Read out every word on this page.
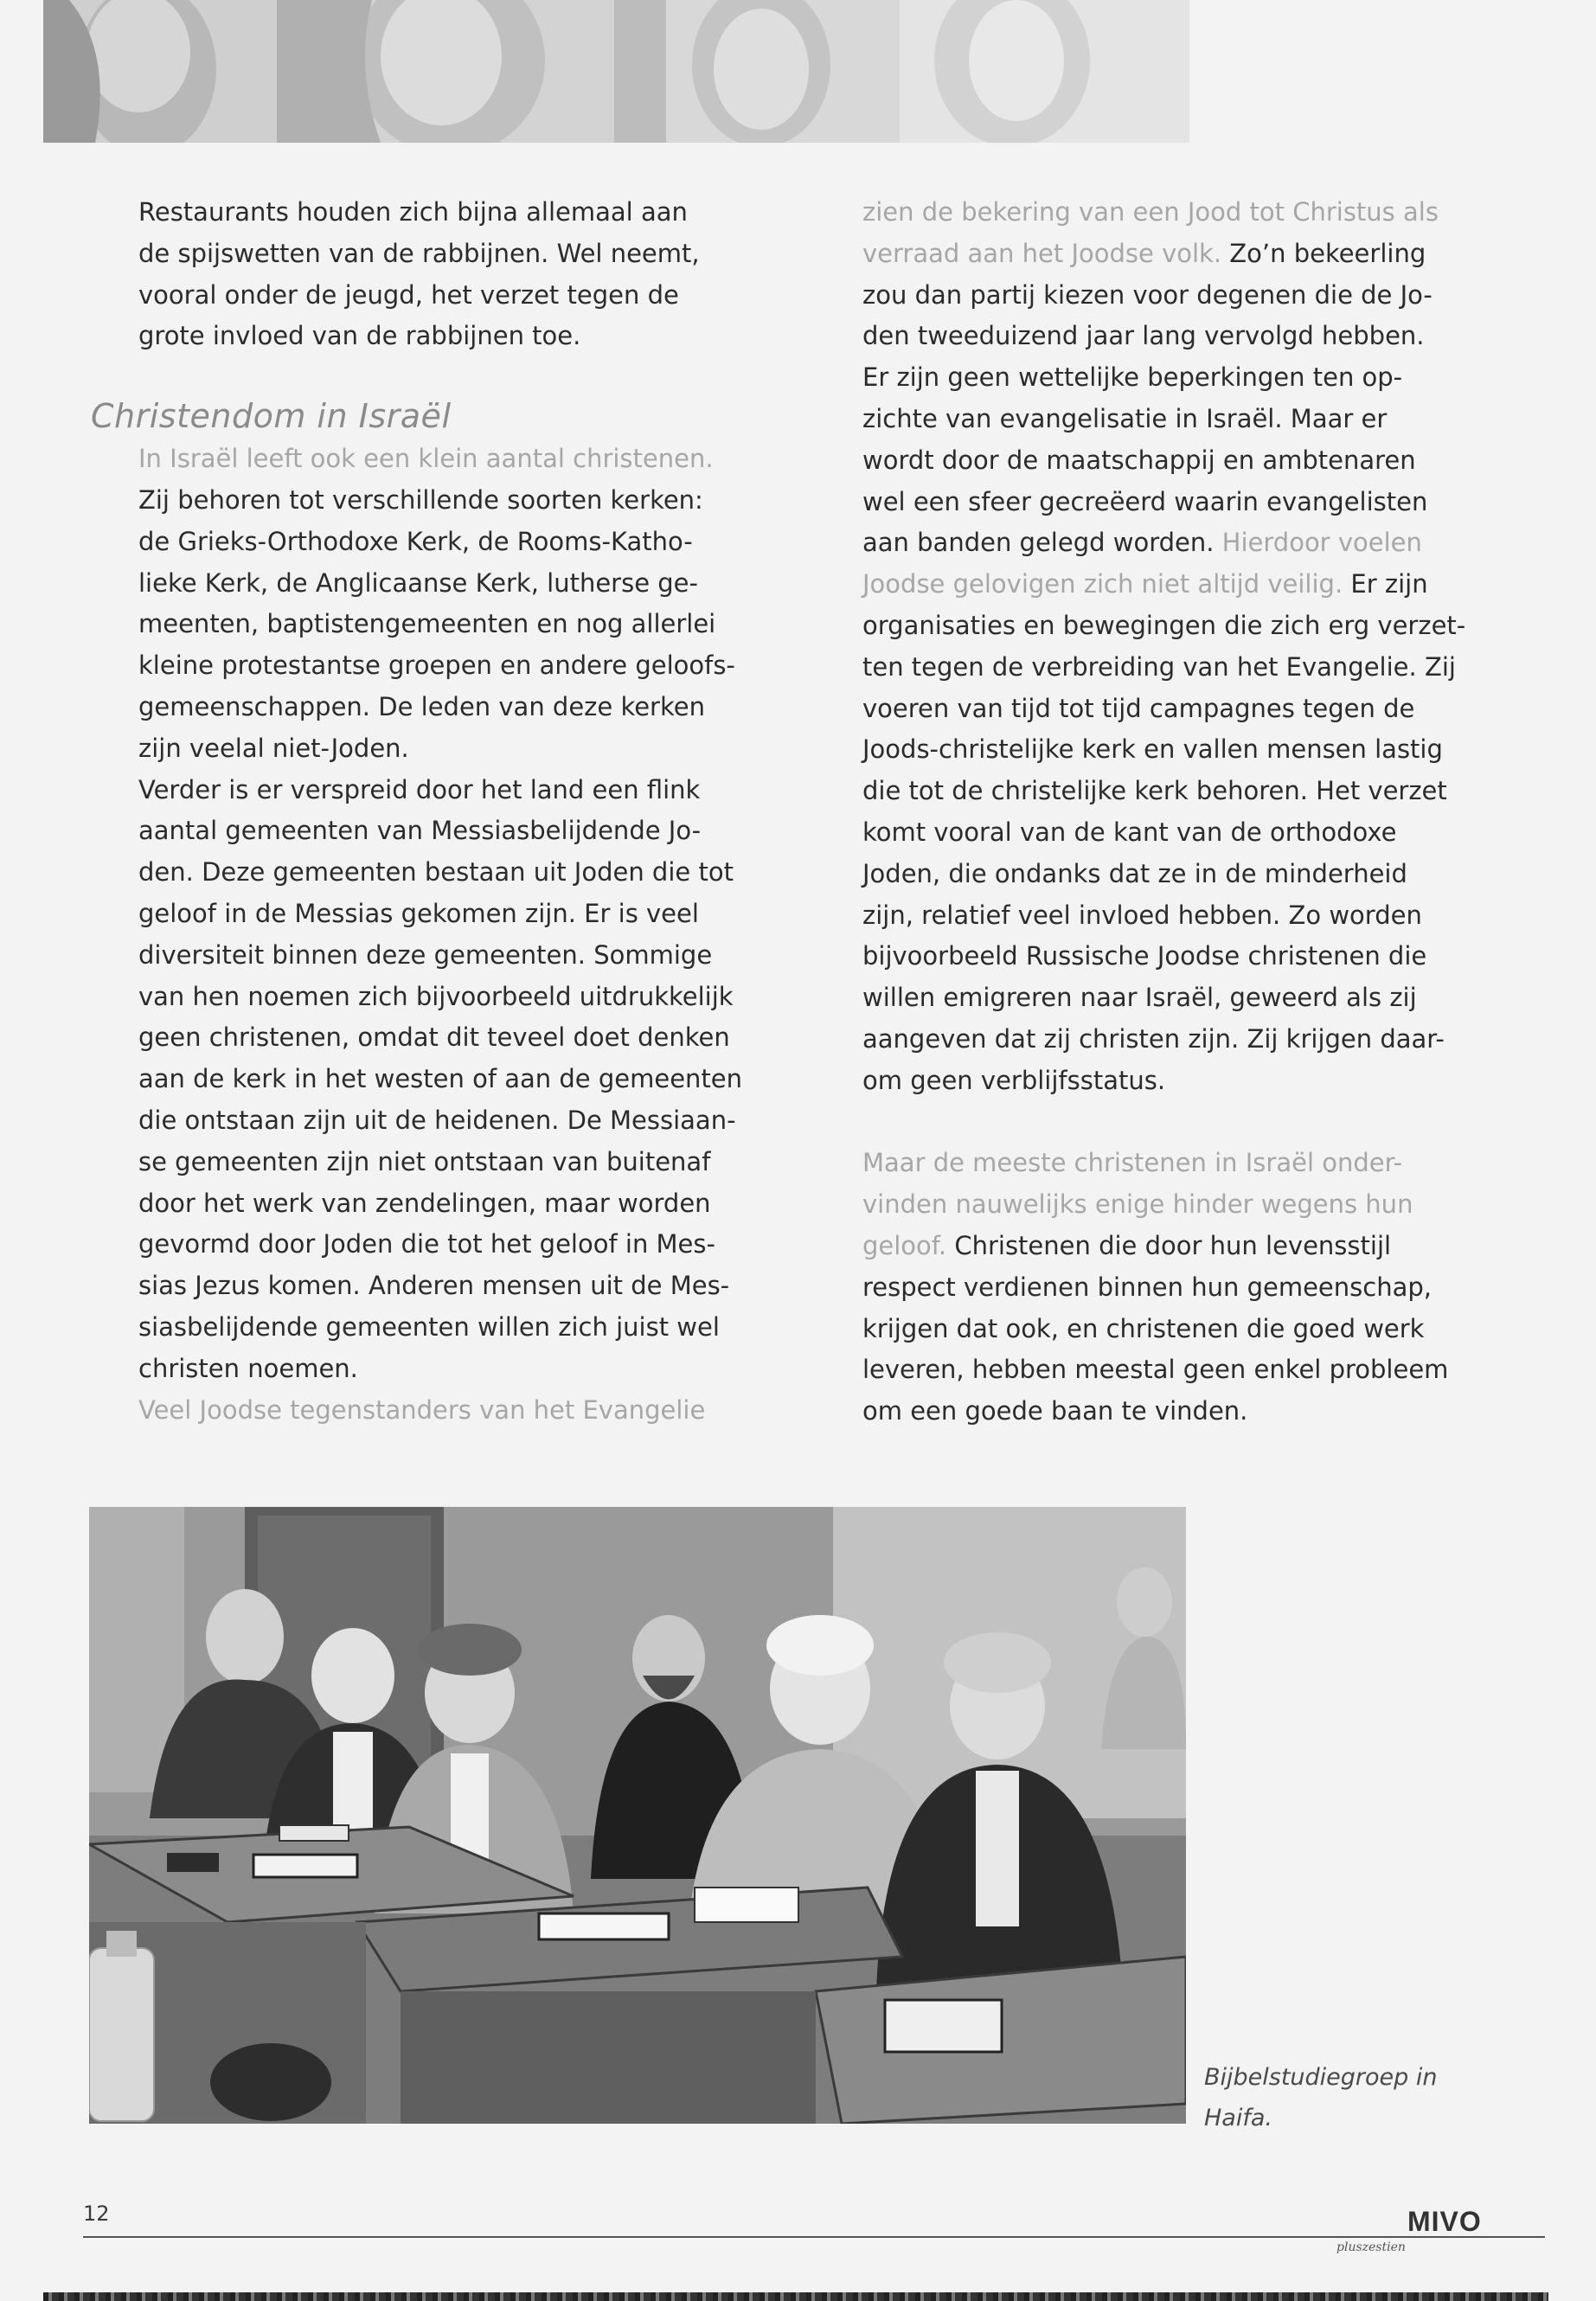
Restaurants houden zich bijna allemaal aan

de spijswetten van de rabbijnen. Wel neemt,

vooral onder de jeugd, het verzet tegen de

grote invloed van de rabbijnen toe.

Christendom in Israël

In Israël leeft ook een klein aantal christenen.

Zij behoren tot verschillende soorten kerken:

de Grieks-Orthodoxe Kerk, de Rooms-Katho-

lieke Kerk, de Anglicaanse Kerk, lutherse ge-

meenten, baptistengemeenten en nog allerlei

kleine protestantse groepen en andere geloofs-

gemeenschappen. De leden van deze kerken

zijn veelal niet-Joden.

Verder is er verspreid door het land een flink

aantal gemeenten van Messiasbelijdende Jo-

den. Deze gemeenten bestaan uit Joden die tot

geloof in de Messias gekomen zijn. Er is veel

diversiteit binnen deze gemeenten. Sommige

van hen noemen zich bijvoorbeeld uitdrukkelijk

geen christenen, omdat dit teveel doet denken

aan de kerk in het westen of aan de gemeenten

die ontstaan zijn uit de heidenen. De Messiaan-

se gemeenten zijn niet ontstaan van buitenaf

door het werk van zendelingen, maar worden

gevormd door Joden die tot het geloof in Mes-

sias Jezus komen. Anderen mensen uit de Mes-

siasbelijdende gemeenten willen zich juist wel

christen noemen.

Veel Joodse tegenstanders van het Evangelie

zien de bekering van een Jood tot Christus als

verraad aan het Joodse volk. Zo’n bekeerling

zou dan partij kiezen voor degenen die de Jo-

den tweeduizend jaar lang vervolgd hebben.

Er zijn geen wettelijke beperkingen ten op-

zichte van evangelisatie in Israël. Maar er

wordt door de maatschappij en ambtenaren

wel een sfeer gecreëerd waarin evangelisten

aan banden gelegd worden. Hierdoor voelen

Joodse gelovigen zich niet altijd veilig. Er zijn

organisaties en bewegingen die zich erg verzet-

ten tegen de verbreiding van het Evangelie. Zij

voeren van tijd tot tijd campagnes tegen de

Joods-christelijke kerk en vallen mensen lastig

die tot de christelijke kerk behoren. Het verzet

komt vooral van de kant van de orthodoxe

Joden, die ondanks dat ze in de minderheid

zijn, relatief veel invloed hebben. Zo worden

bijvoorbeeld Russische Joodse christenen die

willen emigreren naar Israël, geweerd als zij

aangeven dat zij christen zijn. Zij krijgen daar-

om geen verblijfsstatus.

Maar de meeste christenen in Israël onder-

vinden nauwelijks enige hinder wegens hun

geloof. Christenen die door hun levensstijl

respect verdienen binnen hun gemeenschap,

krijgen dat ook, en christenen die goed werk

leveren, hebben meestal geen enkel probleem

om een goede baan te vinden.

Bijbelstudiegroep in
Haifa.
12	MIVO
pluszestien
